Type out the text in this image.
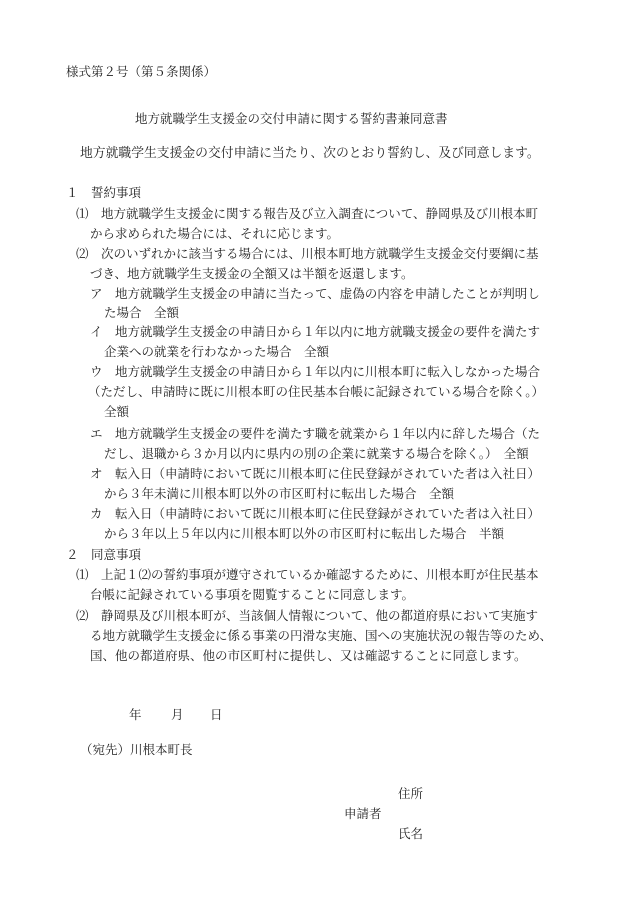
様式第２号（第５条関係）
地方就職学生支援金の交付申請に関する誓約書兼同意書
地方就職学生支援金の交付申請に当たり、次のとおり誓約し、及び同意します。
１　誓約事項
⑴　地方就職学生支援金に関する報告及び立入調査について、静岡県及び川根本町
から求められた場合には、それに応じます。
⑵　次のいずれかに該当する場合には、川根本町地方就職学生支援金交付要綱に基
づき、地方就職学生支援金の全額又は半額を返還します。
ア　地方就職学生支援金の申請に当たって、虚偽の内容を申請したことが判明し
た場合　全額
イ　地方就職学生支援金の申請日から１年以内に地方就職支援金の要件を満たす
企業への就業を行わなかった場合　全額
ウ　地方就職学生支援金の申請日から１年以内に川根本町に転入しなかった場合
（ただし、申請時に既に川根本町の住民基本台帳に記録されている場合を除く。）
全額
エ　地方就職学生支援金の要件を満たす職を就業から１年以内に辞した場合（た
だし、退職から３か月以内に県内の別の企業に就業する場合を除く。）　全額
オ　転入日（申請時において既に川根本町に住民登録がされていた者は入社日）
から３年未満に川根本町以外の市区町村に転出した場合　全額
カ　転入日（申請時において既に川根本町に住民登録がされていた者は入社日）
から３年以上５年以内に川根本町以外の市区町村に転出した場合　半額
２　同意事項
⑴　上記１⑵の誓約事項が遵守されているか確認するために、川根本町が住民基本
台帳に記録されている事項を閲覧することに同意します。
⑵　静岡県及び川根本町が、当該個人情報について、他の都道府県において実施す
る地方就職学生支援金に係る事業の円滑な実施、国への実施状況の報告等のため、
国、他の都道府県、他の市区町村に提供し、又は確認することに同意します。
年 月 日
（宛先）川根本町長
住所
申請者
氏名
